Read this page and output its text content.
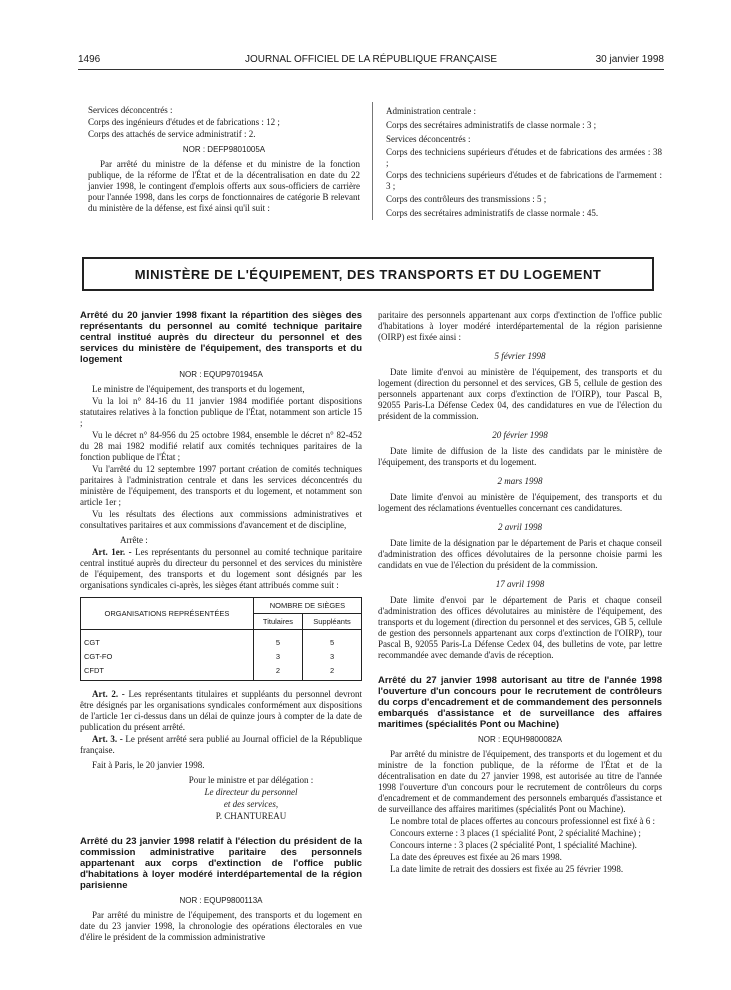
1496	JOURNAL OFFICIEL DE LA RÉPUBLIQUE FRANÇAISE	30 janvier 1998

Services déconcentrés :

Corps des ingénieurs d'études et de fabrications : 12 ;

Corps des attachés de service administratif : 2.

NOR : DEFP9801005A

Par arrêté du ministre de la défense et du ministre de la fonction publique, de la réforme de l'État et de la décentralisation en date du 22 janvier 1998, le contingent d'emplois offerts aux sous-officiers de carrière pour l'année 1998, dans les corps de fonctionnaires de catégorie B relevant du ministère de la défense, est fixé ainsi qu'il suit :

Administration centrale :

Corps des secrétaires administratifs de classe normale : 3 ;

Services déconcentrés :

Corps des techniciens supérieurs d'études et de fabrications des armées : 38 ;

Corps des techniciens supérieurs d'études et de fabrications de l'armement : 3 ;

Corps des contrôleurs des transmissions : 5 ;

Corps des secrétaires administratifs de classe normale : 45.

MINISTÈRE DE L'ÉQUIPEMENT, DES TRANSPORTS ET DU LOGEMENT
Arrêté du 20 janvier 1998 fixant la répartition des sièges des représentants du personnel au comité technique paritaire central institué auprès du directeur du personnel et des services du ministère de l'équipement, des transports et du logement

NOR : EQUP9701945A

Le ministre de l'équipement, des transports et du logement,

Vu la loi n° 84-16 du 11 janvier 1984 modifiée portant dispositions statutaires relatives à la fonction publique de l'État, notamment son article 15 ;

Vu le décret n° 84-956 du 25 octobre 1984, ensemble le décret n° 82-452 du 28 mai 1982 modifié relatif aux comités techniques paritaires de la fonction publique de l'État ;

Vu l'arrêté du 12 septembre 1997 portant création de comités techniques paritaires à l'administration centrale et dans les services déconcentrés du ministère de l'équipement, des transports et du logement, et notamment son article 1er ;

Vu les résultats des élections aux commissions administratives et consultatives paritaires et aux commissions d'avancement et de discipline,

Arrête :

Art. 1er. - Les représentants du personnel au comité technique paritaire central institué auprès du directeur du personnel et des services du ministère de l'équipement, des transports et du logement sont désignés par les organisations syndicales ci-après, les sièges étant attribués comme suit :

ORGANISATIONS REPRÉSENTÉES	NOMBRE DE SIÈGES	
	Titulaires	Suppléants
CGT	5	5
CGT-FO	3	3
CFDT	2	2

Art. 2. - Les représentants titulaires et suppléants du personnel devront être désignés par les organisations syndicales conformément aux dispositions de l'article 1er ci-dessus dans un délai de quinze jours à compter de la date de publication du présent arrêté.

Art. 3. - Le présent arrêté sera publié au Journal officiel de la République française.

Fait à Paris, le 20 janvier 1998.

Pour le ministre et par délégation :

Le directeur du personnel

et des services,

P. CHANTUREAU

Arrêté du 23 janvier 1998 relatif à l'élection du président de la commission administrative paritaire des personnels appartenant aux corps d'extinction de l'office public d'habitations à loyer modéré interdépartemental de la région parisienne

NOR : EQUP9800113A

Par arrêté du ministre de l'équipement, des transports et du logement en date du 23 janvier 1998, la chronologie des opérations électorales en vue d'élire le président de la commission administrative

paritaire des personnels appartenant aux corps d'extinction de l'office public d'habitations à loyer modéré interdépartemental de la région parisienne (OIRP) est fixée ainsi :

5 février 1998

Date limite d'envoi au ministère de l'équipement, des transports et du logement (direction du personnel et des services, GB 5, cellule de gestion des personnels appartenant aux corps d'extinction de l'OIRP), tour Pascal B, 92055 Paris-La Défense Cedex 04, des candidatures en vue de l'élection du président de la commission.

20 février 1998

Date limite de diffusion de la liste des candidats par le ministère de l'équipement, des transports et du logement.

2 mars 1998

Date limite d'envoi au ministère de l'équipement, des transports et du logement des réclamations éventuelles concernant ces candidatures.

2 avril 1998

Date limite de la désignation par le département de Paris et chaque conseil d'administration des offices dévolutaires de la personne choisie parmi les candidats en vue de l'élection du président de la commission.

17 avril 1998

Date limite d'envoi par le département de Paris et chaque conseil d'administration des offices dévolutaires au ministère de l'équipement, des transports et du logement (direction du personnel et des services, GB 5, cellule de gestion des personnels appartenant aux corps d'extinction de l'OIRP), tour Pascal B, 92055 Paris-La Défense Cedex 04, des bulletins de vote, par lettre recommandée avec demande d'avis de réception.

Arrêté du 27 janvier 1998 autorisant au titre de l'année 1998 l'ouverture d'un concours pour le recrutement de contrôleurs du corps d'encadrement et de commandement des personnels embarqués d'assistance et de surveillance des affaires maritimes (spécialités Pont ou Machine)

NOR : EQUH9800082A

Par arrêté du ministre de l'équipement, des transports et du logement et du ministre de la fonction publique, de la réforme de l'État et de la décentralisation en date du 27 janvier 1998, est autorisée au titre de l'année 1998 l'ouverture d'un concours pour le recrutement de contrôleurs du corps d'encadrement et de commandement des personnels embarqués d'assistance et de surveillance des affaires maritimes (spécialités Pont ou Machine).

Le nombre total de places offertes au concours professionnel est fixé à 6 :

Concours externe : 3 places (1 spécialité Pont, 2 spécialité Machine) ;

Concours interne : 3 places (2 spécialité Pont, 1 spécialité Machine).

La date des épreuves est fixée au 26 mars 1998.

La date limite de retrait des dossiers est fixée au 25 février 1998.
